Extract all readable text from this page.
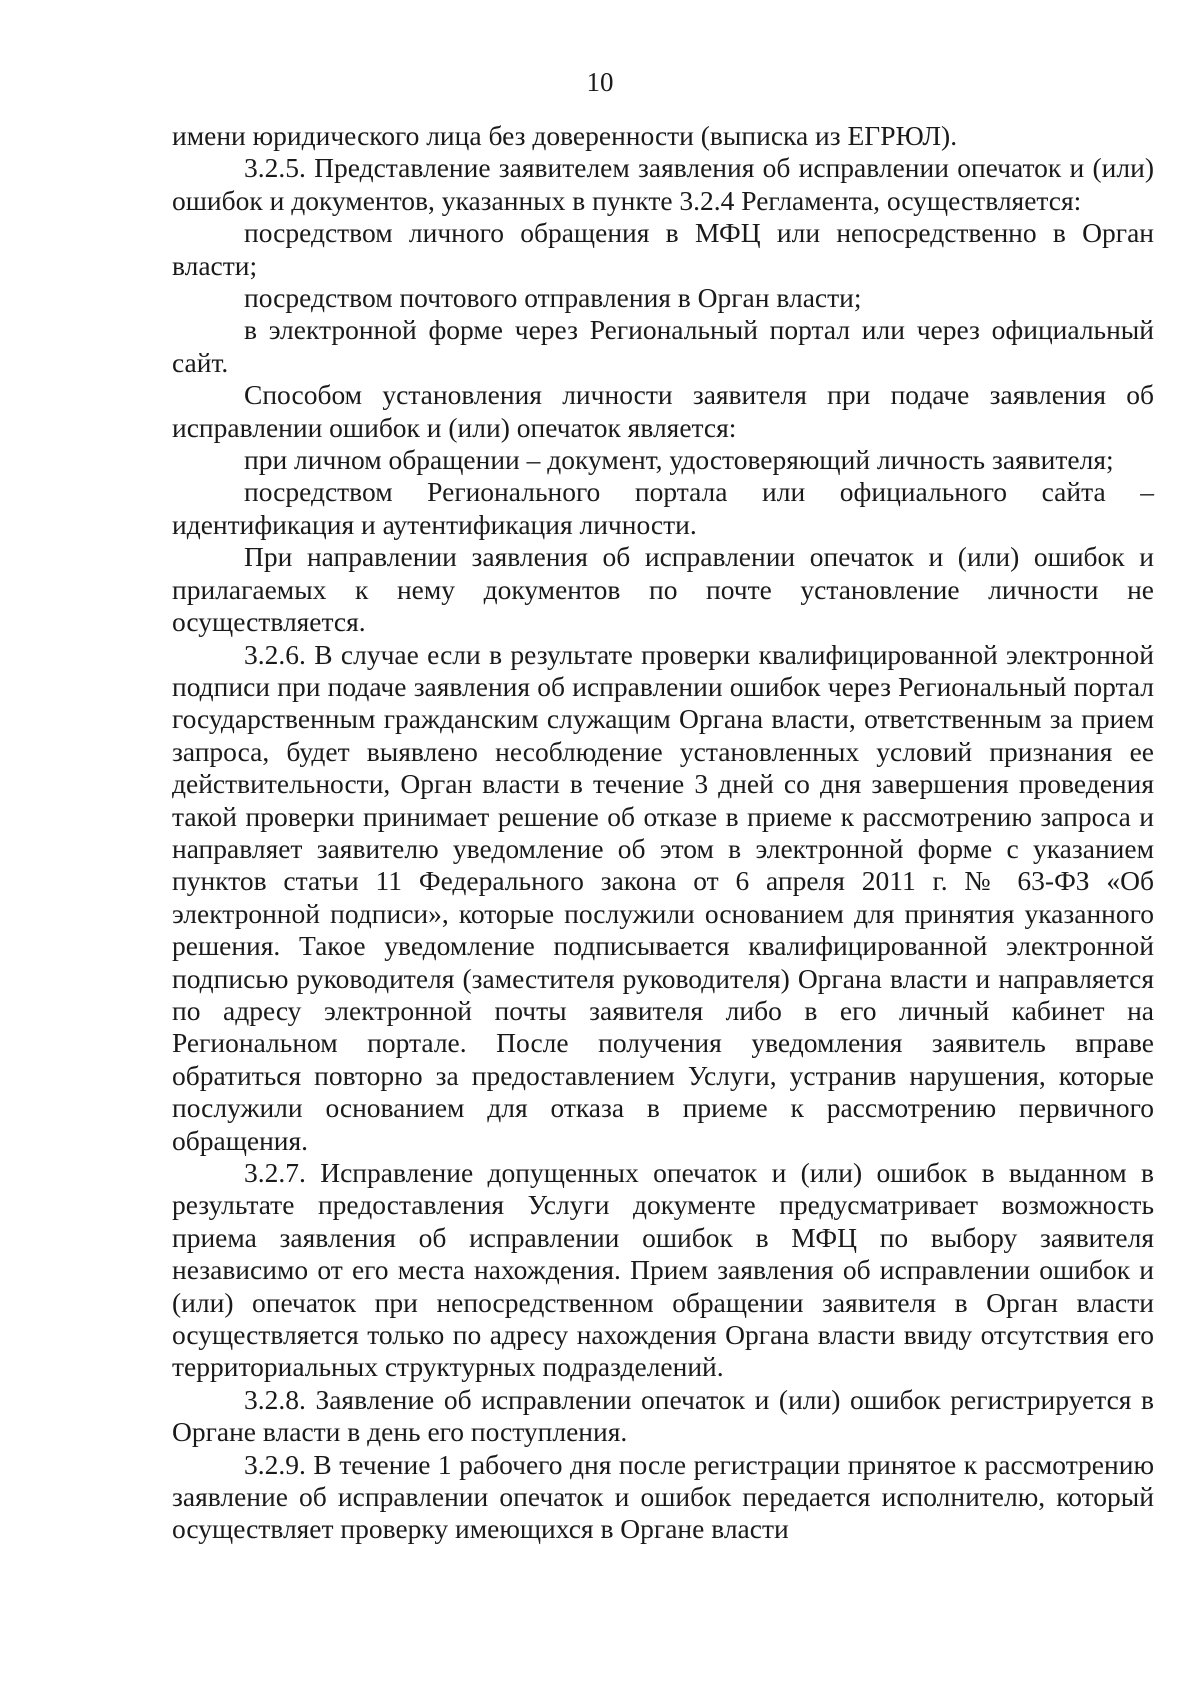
10

имени юридического лица без доверенности (выписка из ЕГРЮЛ).

3.2.5. Представление заявителем заявления об исправлении опечаток и (или) ошибок и документов, указанных в пункте 3.2.4 Регламента, осуществляется:

посредством личного обращения в МФЦ или непосредственно в Орган власти;

посредством почтового отправления в Орган власти;

в электронной форме через Региональный портал или через официальный сайт.

Способом установления личности заявителя при подаче заявления об исправлении ошибок и (или) опечаток является:

при личном обращении – документ, удостоверяющий личность заявителя;

посредством Регионального портала или официального сайта – идентификация и аутентификация личности.

При направлении заявления об исправлении опечаток и (или) ошибок и прилагаемых к нему документов по почте установление личности не осуществляется.

3.2.6. В случае если в результате проверки квалифицированной электронной подписи при подаче заявления об исправлении ошибок через Региональный портал государственным гражданским служащим Органа власти, ответственным за прием запроса, будет выявлено несоблюдение установленных условий признания ее действительности, Орган власти в течение 3 дней со дня завершения проведения такой проверки принимает решение об отказе в приеме к рассмотрению запроса и направляет заявителю уведомление об этом в электронной форме с указанием пунктов статьи 11 Федерального закона от 6 апреля 2011 г. № 63-ФЗ «Об электронной подписи», которые послужили основанием для принятия указанного решения. Такое уведомление подписывается квалифицированной электронной подписью руководителя (заместителя руководителя) Органа власти и направляется по адресу электронной почты заявителя либо в его личный кабинет на Региональном портале. После получения уведомления заявитель вправе обратиться повторно за предоставлением Услуги, устранив нарушения, которые послужили основанием для отказа в приеме к рассмотрению первичного обращения.

3.2.7. Исправление допущенных опечаток и (или) ошибок в выданном в результате предоставления Услуги документе предусматривает возможность приема заявления об исправлении ошибок в МФЦ по выбору заявителя независимо от его места нахождения. Прием заявления об исправлении ошибок и (или) опечаток при непосредственном обращении заявителя в Орган власти осуществляется только по адресу нахождения Органа власти ввиду отсутствия его территориальных структурных подразделений.

3.2.8. Заявление об исправлении опечаток и (или) ошибок регистрируется в Органе власти в день его поступления.

3.2.9. В течение 1 рабочего дня после регистрации принятое к рассмотрению заявление об исправлении опечаток и ошибок передается исполнителю, который осуществляет проверку имеющихся в Органе власти
